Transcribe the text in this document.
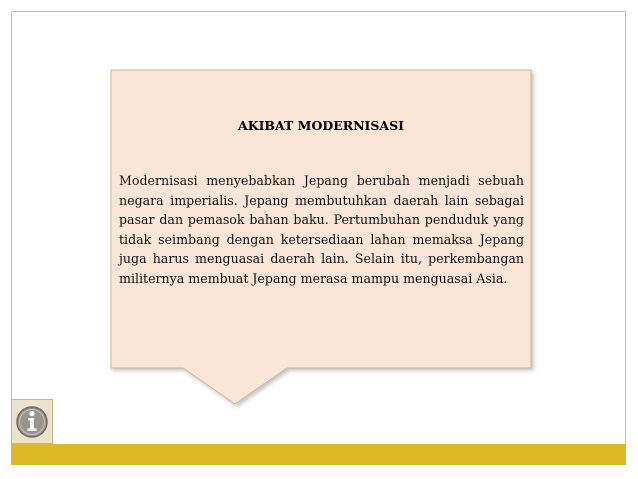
AKIBAT MODERNISASI
Modernisasi menyebabkan Jepang berubah menjadi sebuah negara imperialis. Jepang membutuhkan daerah lain sebagai pasar dan pemasok bahan baku. Pertumbuhan penduduk yang tidak seimbang dengan ketersediaan lahan memaksa Jepang juga harus menguasai daerah lain. Selain itu, perkembangan militernya membuat Jepang merasa mampu menguasai Asia.
